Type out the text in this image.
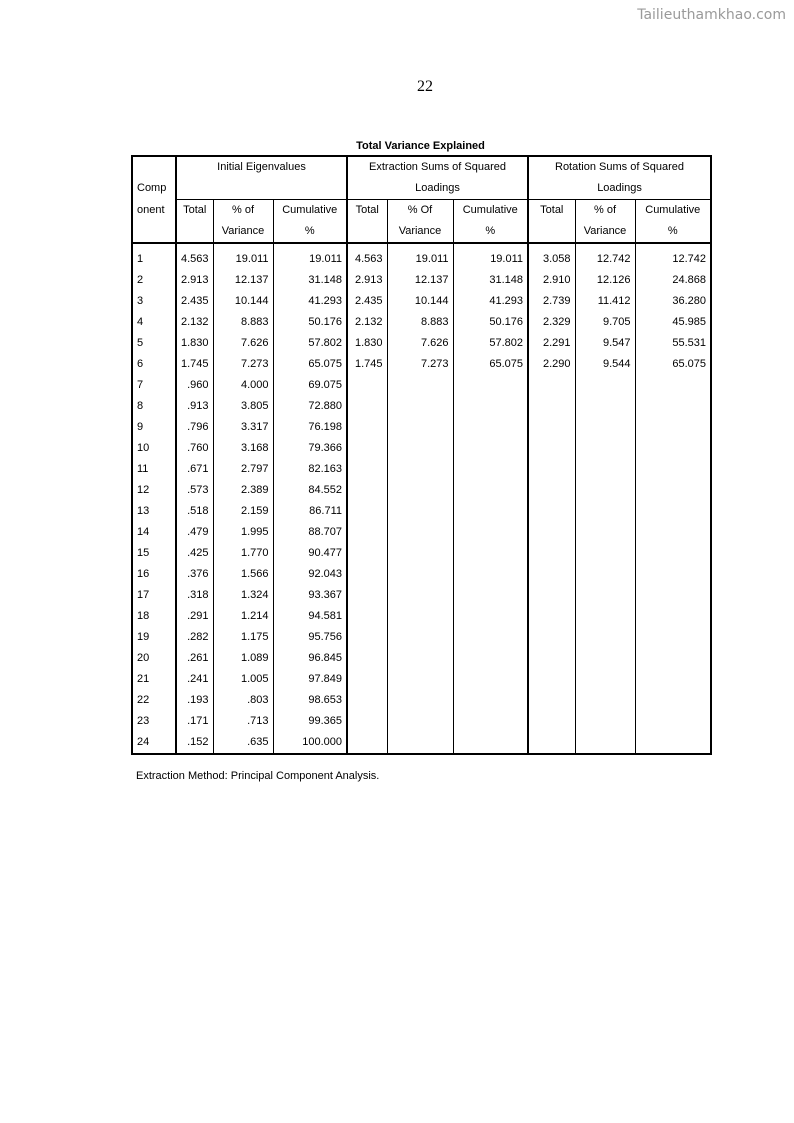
Tailieuthamkhao.com
22
Total Variance Explained
Comp
onent	Initial Eigenvalues			Extraction Sums of Squared			Rotation Sums of Squared		
				Loadings			Loadings		
	Total	% of	Cumulative	Total	% Of	Cumulative	Total	% of	Cumulative
		Variance	%		Variance	%		Variance	%
1	4.563	19.011	19.011	4.563	19.011	19.011	3.058	12.742	12.742
2	2.913	12.137	31.148	2.913	12.137	31.148	2.910	12.126	24.868
3	2.435	10.144	41.293	2.435	10.144	41.293	2.739	11.412	36.280
4	2.132	8.883	50.176	2.132	8.883	50.176	2.329	9.705	45.985
5	1.830	7.626	57.802	1.830	7.626	57.802	2.291	9.547	55.531
6	1.745	7.273	65.075	1.745	7.273	65.075	2.290	9.544	65.075
7	.960	4.000	69.075						
8	.913	3.805	72.880						
9	.796	3.317	76.198						
10	.760	3.168	79.366						
11	.671	2.797	82.163						
12	.573	2.389	84.552						
13	.518	2.159	86.711						
14	.479	1.995	88.707						
15	.425	1.770	90.477						
16	.376	1.566	92.043						
17	.318	1.324	93.367						
18	.291	1.214	94.581						
19	.282	1.175	95.756						
20	.261	1.089	96.845						
21	.241	1.005	97.849						
22	.193	.803	98.653						
23	.171	.713	99.365						
24	.152	.635	100.000						
Extraction Method: Principal Component Analysis.
